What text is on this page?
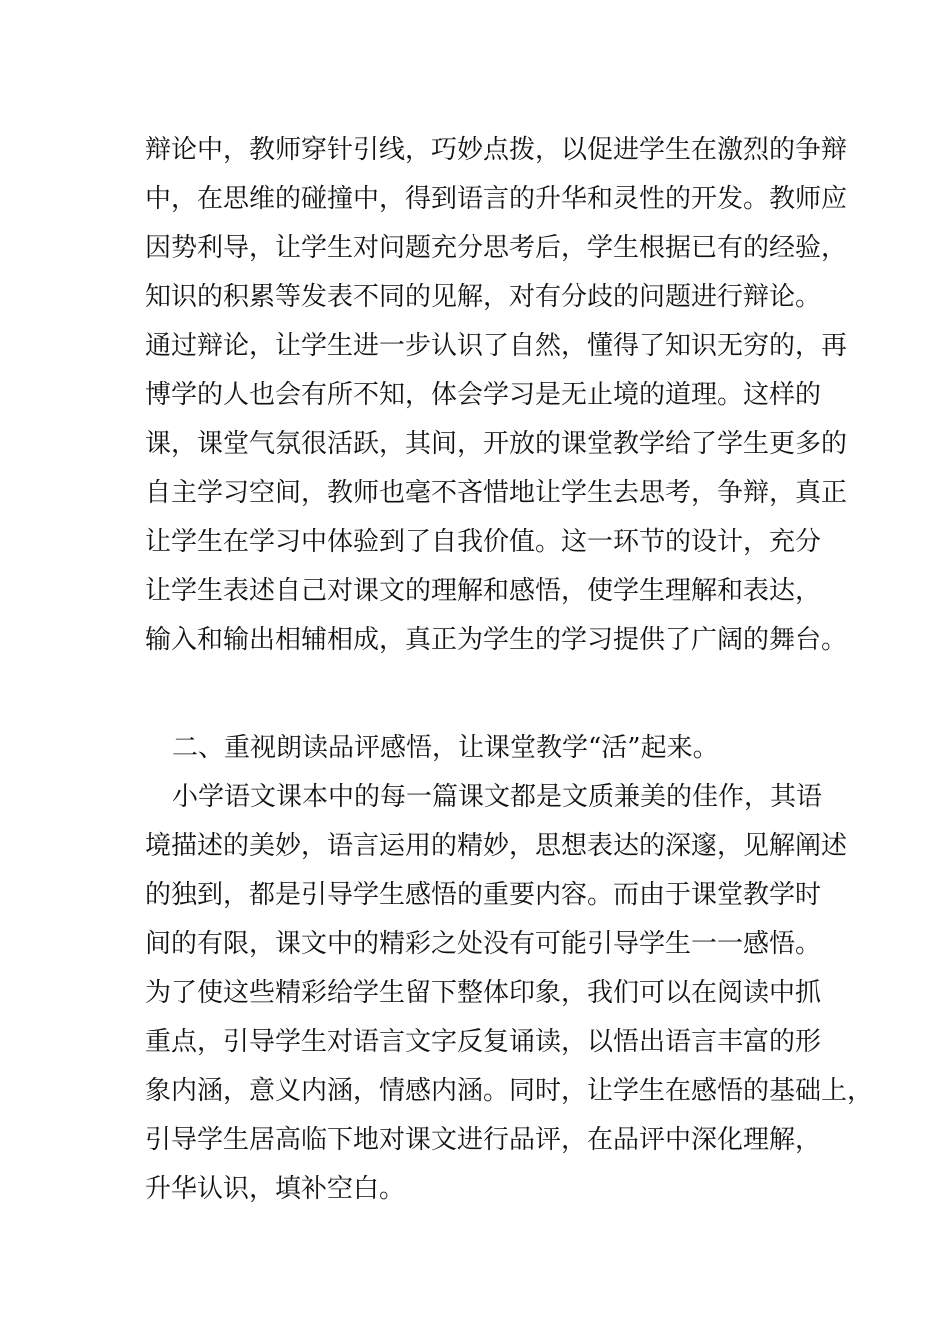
辩论中，教师穿针引线，巧妙点拨，以促进学生在激烈的争辩
中，在思维的碰撞中，得到语言的升华和灵性的开发。教师应
因势利导，让学生对问题充分思考后，学生根据已有的经验，
知识的积累等发表不同的见解，对有分歧的问题进行辩论。
通过辩论，让学生进一步认识了自然，懂得了知识无穷的，再
博学的人也会有所不知，体会学习是无止境的道理。这样的
课，课堂气氛很活跃，其间，开放的课堂教学给了学生更多的
自主学习空间，教师也毫不吝惜地让学生去思考，争辩，真正
让学生在学习中体验到了自我价值。这一环节的设计，充分
让学生表述自己对课文的理解和感悟，使学生理解和表达，
输入和输出相辅相成，真正为学生的学习提供了广阔的舞台。
二、重视朗读品评感悟，让课堂教学“活”起来。
小学语文课本中的每一篇课文都是文质兼美的佳作，其语
境描述的美妙，语言运用的精妙，思想表达的深邃，见解阐述
的独到，都是引导学生感悟的重要内容。而由于课堂教学时
间的有限，课文中的精彩之处没有可能引导学生一一感悟。
为了使这些精彩给学生留下整体印象，我们可以在阅读中抓
重点，引导学生对语言文字反复诵读，以悟出语言丰富的形
象内涵，意义内涵，情感内涵。同时，让学生在感悟的基础上，
引导学生居高临下地对课文进行品评，在品评中深化理解，
升华认识，填补空白。
